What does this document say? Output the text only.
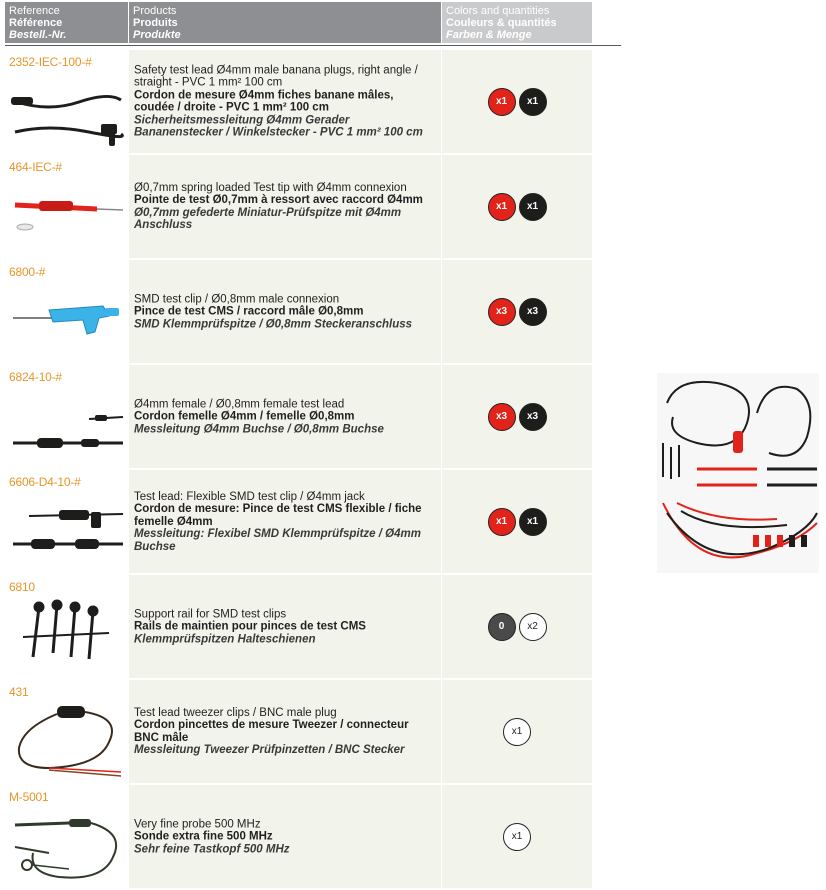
Reference
Référence
Bestell.-Nr.
Products
Produits
Produkte
Colors and quantities
Couleurs & quantités
Farben & Menge
2352-IEC-100-#
Safety test lead Ø4mm male banana plugs, right angle / straight - PVC 1 mm² 100 cm
Cordon de mesure Ø4mm fiches banane mâles, coudée / droite - PVC 1 mm² 100 cm
Sicherheitsmessleitung Ø4mm Gerader Bananenstecker / Winkelstecker - PVC 1 mm² 100 cm
x1	x1
464-IEC-#
Ø0,7mm spring loaded Test tip with Ø4mm connexion
Pointe de test Ø0,7mm à ressort avec raccord Ø4mm
Ø0,7mm gefederte Miniatur-Prüfspitze mit Ø4mm Anschluss
x1	x1
6800-#
SMD test clip / Ø0,8mm male connexion
Pince de test CMS / raccord mâle Ø0,8mm
SMD Klemmprüfspitze / Ø0,8mm Steckeranschluss
x3	x3
6824-10-#
Ø4mm female / Ø0,8mm female test lead
Cordon femelle Ø4mm / femelle Ø0,8mm
Messleitung Ø4mm Buchse / Ø0,8mm Buchse
x3	x3
6606-D4-10-#
Test lead: Flexible SMD test clip / Ø4mm jack
Cordon de mesure: Pince de test CMS flexible / fiche femelle Ø4mm
Messleitung: Flexibel SMD Klemmprüfspitze / Ø4mm Buchse
x1	x1
6810
Support rail for SMD test clips
Rails de maintien pour pinces de test CMS
Klemmprüfspitzen Halteschienen
0	x2
431
Test lead tweezer clips / BNC male plug
Cordon pincettes de mesure Tweezer / connecteur BNC mâle
Messleitung Tweezer Prüfpinzetten / BNC Stecker
x1
M-5001
Very fine probe 500 MHz
Sonde extra fine 500 MHz
Sehr feine Tastkopf 500 MHz
x1
